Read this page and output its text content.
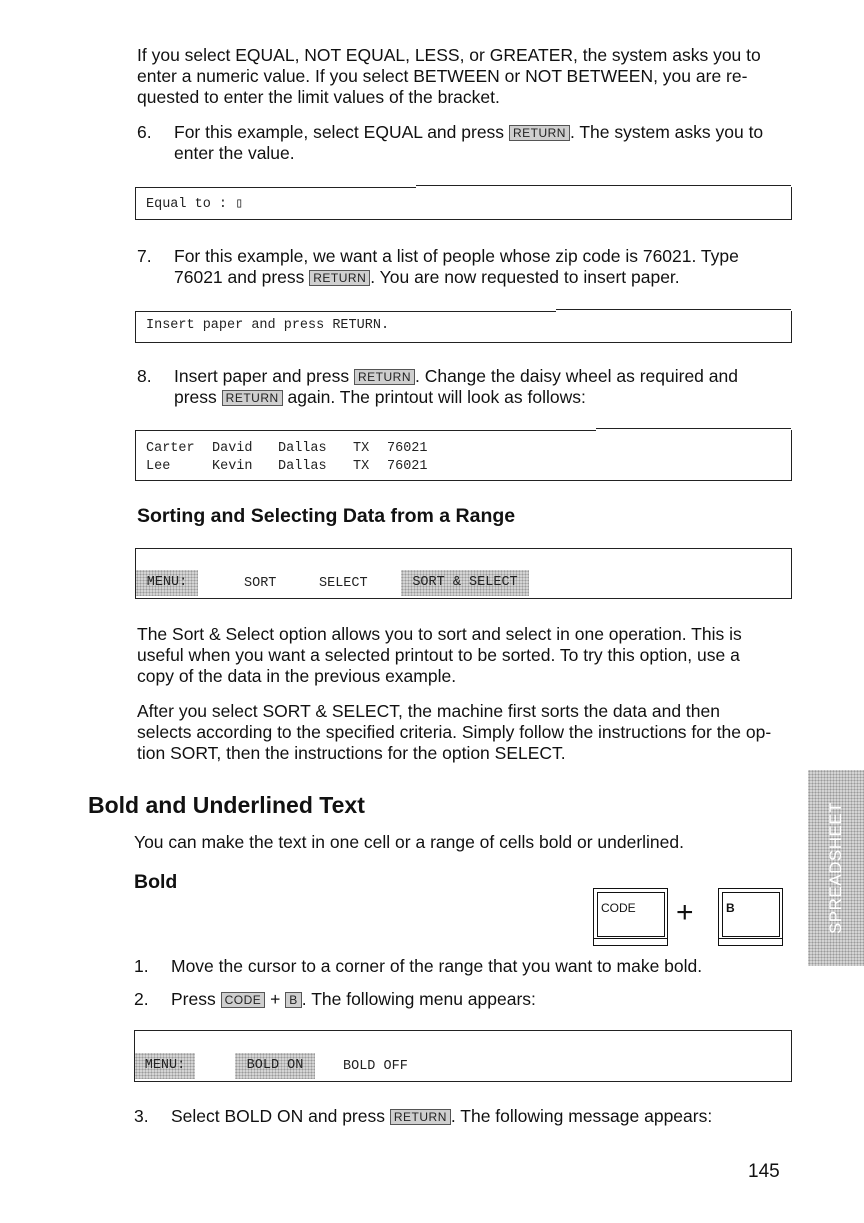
If you select EQUAL, NOT EQUAL, LESS, or GREATER, the system asks you to
enter a numeric value. If you select BETWEEN or NOT BETWEEN, you are re-
quested to enter the limit values of the bracket.
6. For this example, select EQUAL and press RETURN . The system asks you to
enter the value.
Equal to : ▯
7. For this example, we want a list of people whose zip code is 76021. Type
76021 and press RETURN . You are now requested to insert paper.
Insert paper and press RETURN.
8. Insert paper and press RETURN . Change the daisy wheel as required and
press RETURN again. The printout will look as follows:
Carter David Dallas TX 76021
Lee	Kevin Dallas TX 76021
Sorting and Selecting Data from a Range
MENU:	SORT	SELECT	SORT & SELECT
The Sort & Select option allows you to sort and select in one operation. This is
useful when you want a selected printout to be sorted. To try this option, use a
copy of the data in the previous example.
After you select SORT & SELECT, the machine first sorts the data and then
selects according to the specified criteria. Simply follow the instructions for the op-
tion SORT, then the instructions for the option SELECT.
Bold and Underlined Text
You can make the text in one cell or a range of cells bold or underlined.
Bold
CODE	+	B	SPREADSHEET
1. Move the cursor to a corner of the range that you want to make bold.
2. Press CODE + B . The following menu appears:
MENU:	BOLD ON	BOLD OFF
3. Select BOLD ON and press RETURN . The following message appears:
145
